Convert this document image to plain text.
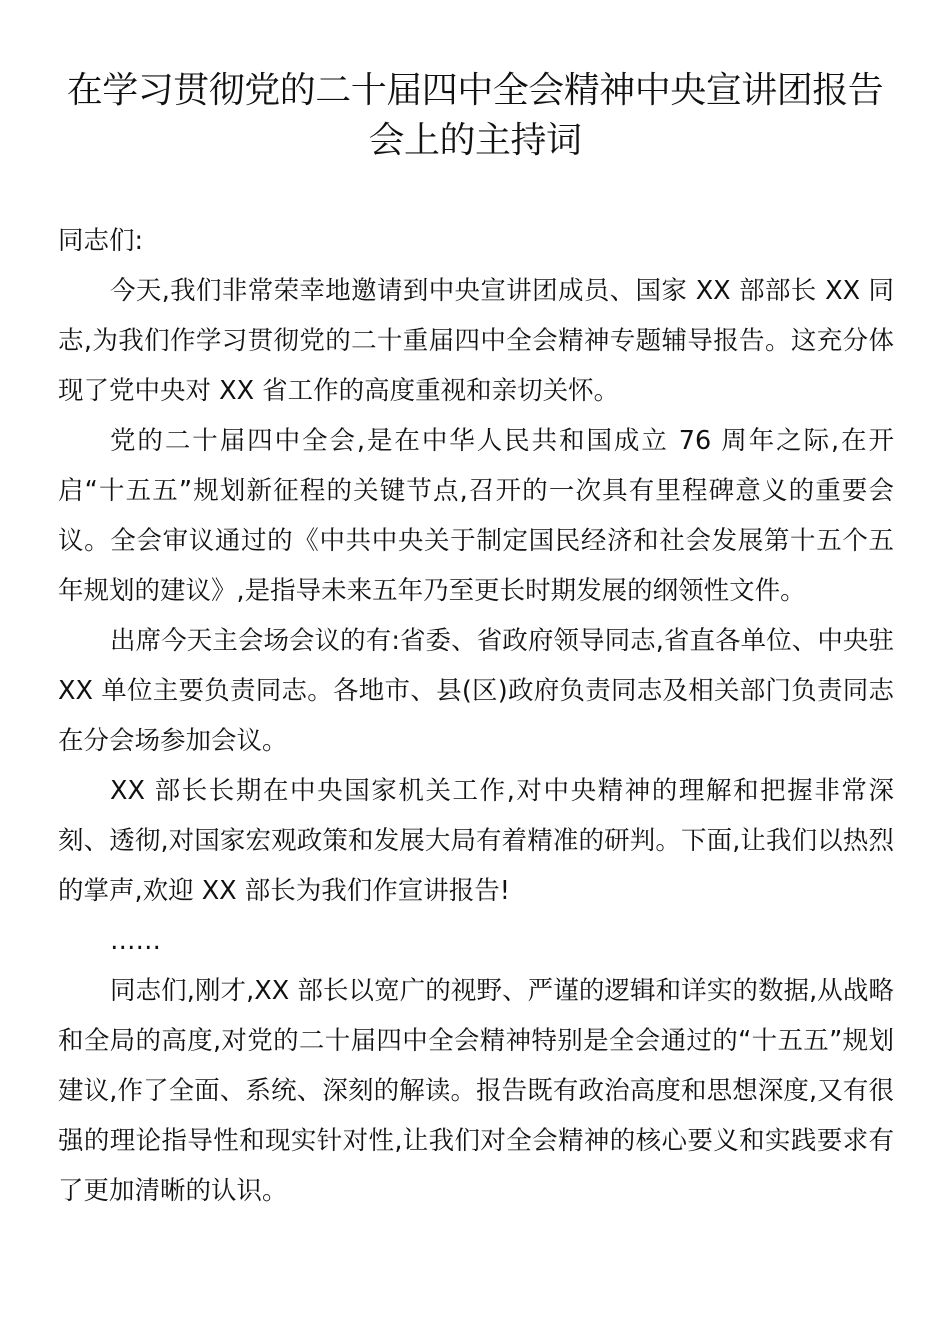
在学习贯彻党的二十届四中全会精神中央宣讲团报告
会上的主持词

同志们:

今天,我们非常荣幸地邀请到中央宣讲团成员、国家 XX 部部长 XX 同志,为我们作学习贯彻党的二十重届四中全会精神专题辅导报告。这充分体现了党中央对 XX 省工作的高度重视和亲切关怀。

党的二十届四中全会,是在中华人民共和国成立 76 周年之际,在开启“十五五”规划新征程的关键节点,召开的一次具有里程碑意义的重要会议。全会审议通过的《中共中央关于制定国民经济和社会发展第十五个五年规划的建议》,是指导未来五年乃至更长时期发展的纲领性文件。

出席今天主会场会议的有:省委、省政府领导同志,省直各单位、中央驻 XX 单位主要负责同志。各地市、县(区)政府负责同志及相关部门负责同志在分会场参加会议。

XX 部长长期在中央国家机关工作,对中央精神的理解和把握非常深刻、透彻,对国家宏观政策和发展大局有着精准的研判。下面,让我们以热烈的掌声,欢迎 XX 部长为我们作宣讲报告!

……

同志们,刚才,XX 部长以宽广的视野、严谨的逻辑和详实的数据,从战略和全局的高度,对党的二十届四中全会精神特别是全会通过的“十五五”规划建议,作了全面、系统、深刻的解读。报告既有政治高度和思想深度,又有很强的理论指导性和现实针对性,让我们对全会精神的核心要义和实践要求有了更加清晰的认识。
